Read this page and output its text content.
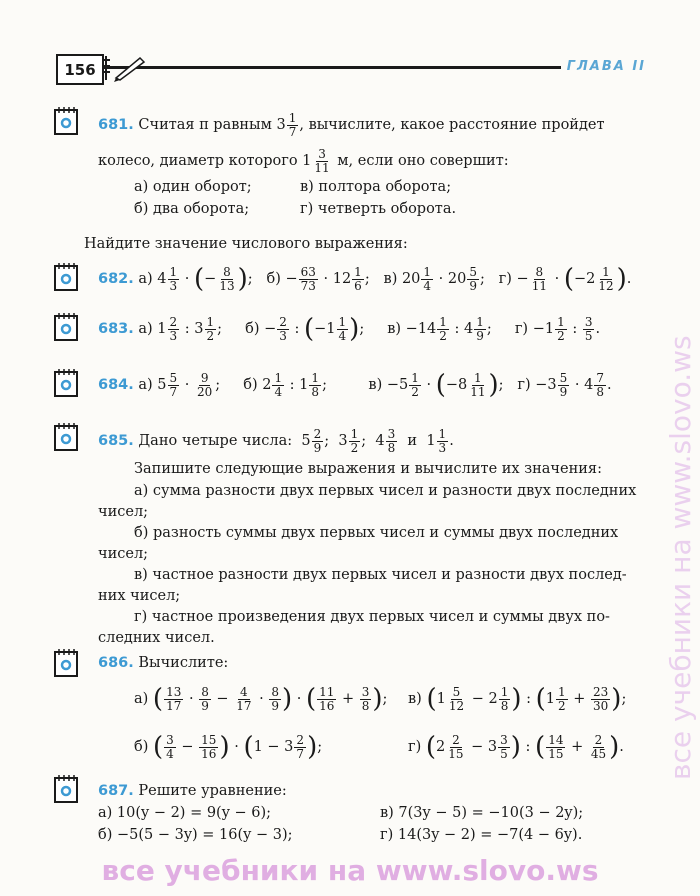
156	ГЛАВА II
681. Считая π равным $3 \frac{1}{7}$ , вычислите, какое расстояние пройдет
колесо, диаметр которого $1 \frac{3}{11} м$, если оно совершит:
а) один оборот;	в) полтора оборота;
б) два оборота;	г) четверть оборота.
Найдите значение числового выражения:
682. а) $4 \frac{1}{3}$ · (− $\frac{8}{13}$ );   $б) - \frac{63}{73} \cdot 12 \frac{1}{6}$ ;   в) $20 \frac{1}{4} \cdot 20 \frac{5}{9}$ ;   $г) - \frac{8}{11} \cdot (-2 \frac{1}{12}$ ).
683. а) $1 \frac{2}{3}$ : $3 \frac{1}{2}$ ;     $б) - \frac{2}{3}$ : ($-1 \frac{1}{4}$ );     $в) -14 \frac{1}{2}$ : $4 \frac{1}{9}$ ;     $г) -1 \frac{1}{2}$ : $\frac{3}{5}$ .
684. а) $5 \frac{5}{7} \cdot \frac{9}{20}$ ;     б) $2 \frac{1}{4}$ : $1 \frac{1}{8}$ ;         $в) -5 \frac{1}{2} \cdot (-8 \frac{1}{11}$ );   $г) -3 \frac{5}{9} \cdot 4 \frac{7}{8}$ .
685. Дано четыре числа:  $5 \frac{2}{9}$ ;  $3 \frac{1}{2}$ ;  $4 \frac{3}{8}$ и  $1 \frac{1}{3}$ .
Запишите следующие выражения и вычислите их значения:
а) сумма разности двух первых чисел и разности двух последних
чисел;
б) разность суммы двух первых чисел и суммы двух последних
чисел;
в) частное разности двух первых чисел и разности двух послед-
них чисел;
г) частное произведения двух первых чисел и суммы двух по-
следних чисел.
686. Вычислите:
а) ( $\frac{13}{17} \cdot \frac{8}{9} - \frac{4}{17} \cdot \frac{8}{9}$ ) · ( $\frac{11}{16} + \frac{3}{8}$ ); в) ($1 \frac{5}{12} - 2 \frac{1}{8}$ ) : ($1 \frac{1}{2} + \frac{23}{30}$ );
б) ( $\frac{3}{4} - \frac{15}{16}$ ) · ($1 - 3 \frac{2}{7}$ );	г) ($2 \frac{2}{15} - 3 \frac{3}{5}$ ) : ( $\frac{14}{15} + \frac{2}{45}$ ).
687. Решите уравнение:
а) 10(y − 2) = 9(y − 6);	в) 7(3y − 5) = −10(3 − 2y);
б) −5(5 − 3y) = 16(y − 3);	г) 14(3y − 2) = −7(4 − 6y).
все учебники на www.slovo.ws
все учебники на www.slovo.ws
